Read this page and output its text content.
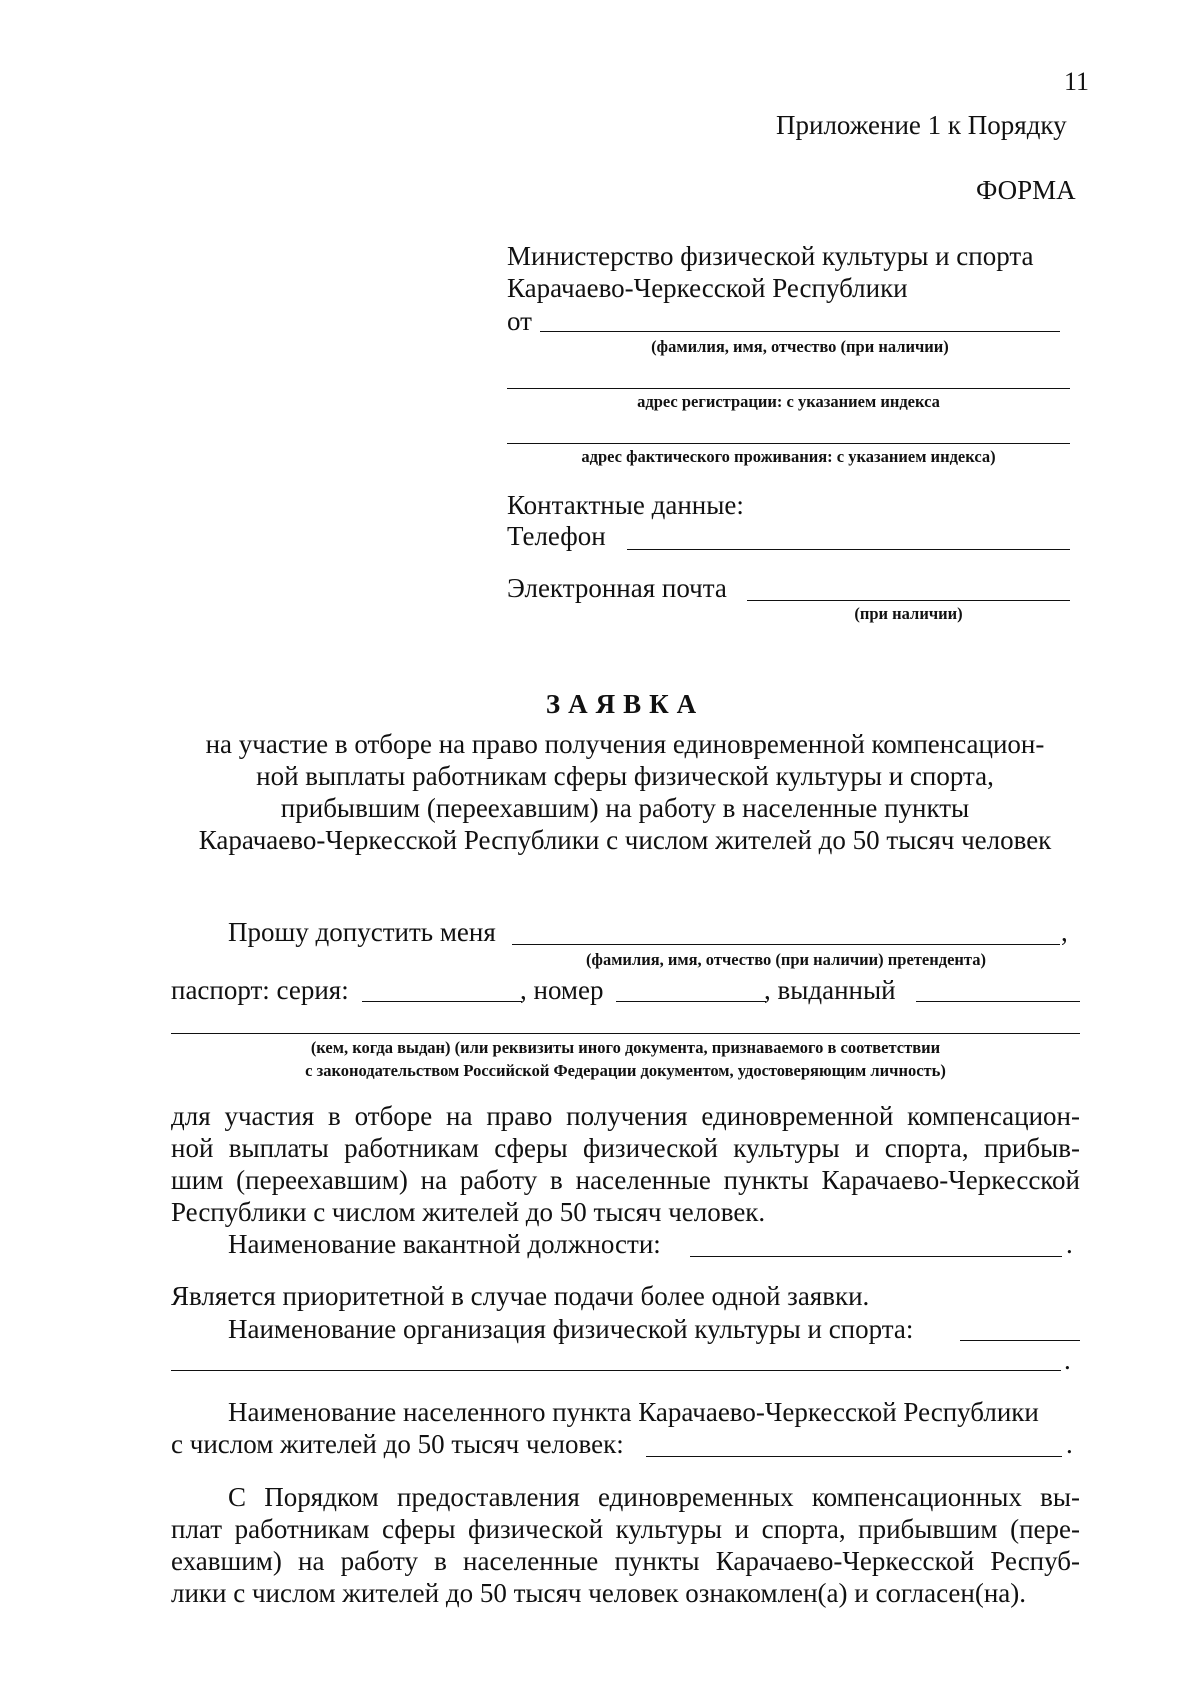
11
Приложение 1 к Порядку
ФОРМА
Министерство физической культуры и спорта
Карачаево-Черкесской Республики
от
(фамилия, имя, отчество (при наличии)
адрес регистрации: с указанием индекса
адрес фактического проживания: с указанием индекса)
Контактные данные:
Телефон
Электронная почта
(при наличии)
ЗАЯВКА
на участие в отборе на право получения единовременной компенсацион-
ной выплаты работникам сферы физической культуры и спорта,
прибывшим (переехавшим) на работу в населенные пункты
Карачаево-Черкесской Республики с числом жителей до 50 тысяч человек
Прошу допустить меня	,
(фамилия, имя, отчество (при наличии) претендента)
паспорт: серия:	, номер	, выданный
(кем, когда выдан) (или реквизиты иного документа, признаваемого в соответствии
с законодательством Российской Федерации документом, удостоверяющим личность)
для участия в отборе на право получения единовременной компенсацион-
ной выплаты работникам сферы физической культуры и спорта, прибыв-
шим (переехавшим) на работу в населенные пункты Карачаево-Черкесской
Республики с числом жителей до 50 тысяч человек.
Наименование вакантной должности:	.
Является приоритетной в случае подачи более одной заявки.
Наименование организация физической культуры и спорта:
.
Наименование населенного пункта Карачаево-Черкесской Республики
с числом жителей до 50 тысяч человек:	.
С Порядком предоставления единовременных компенсационных вы-
плат работникам сферы физической культуры и спорта, прибывшим (пере-
ехавшим) на работу в населенные пункты Карачаево-Черкесской Респуб-
лики с числом жителей до 50 тысяч человек ознакомлен(а) и согласен(на).
